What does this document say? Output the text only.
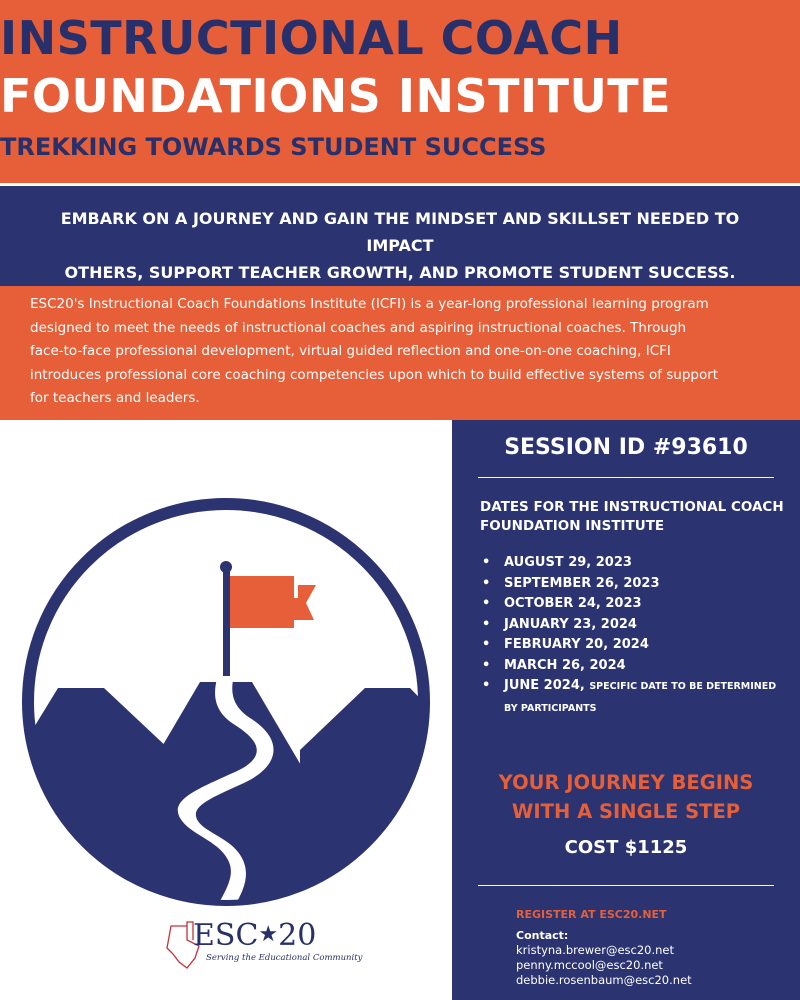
INSTRUCTIONAL COACH
FOUNDATIONS INSTITUTE
TREKKING TOWARDS STUDENT SUCCESS
EMBARK ON A JOURNEY AND GAIN THE MINDSET AND SKILLSET NEEDED TO IMPACT
OTHERS, SUPPORT TEACHER GROWTH, AND PROMOTE STUDENT SUCCESS.
ESC20's Instructional Coach Foundations Institute (ICFI) is a year-long professional learning program
designed to meet the needs of instructional coaches and aspiring instructional coaches. Through
face-to-face professional development, virtual guided reflection and one-on-one coaching, ICFI
introduces professional core coaching competencies upon which to build effective systems of support
for teachers and leaders.
ESC★20
Serving the Educational Community
SESSION ID #93610
DATES FOR THE INSTRUCTIONAL COACH
FOUNDATION INSTITUTE
• AUGUST 29, 2023
• SEPTEMBER 26, 2023
• OCTOBER 24, 2023
• JANUARY 23, 2024
• FEBRUARY 20, 2024
• MARCH 26, 2024
• JUNE 2024, SPECIFIC DATE TO BE DETERMINED
BY PARTICIPANTS
YOUR JOURNEY BEGINS
WITH A SINGLE STEP
COST $1125
REGISTER AT ESC20.NET
Contact:
kristyna.brewer@esc20.net
penny.mccool@esc20.net
debbie.rosenbaum@esc20.net
